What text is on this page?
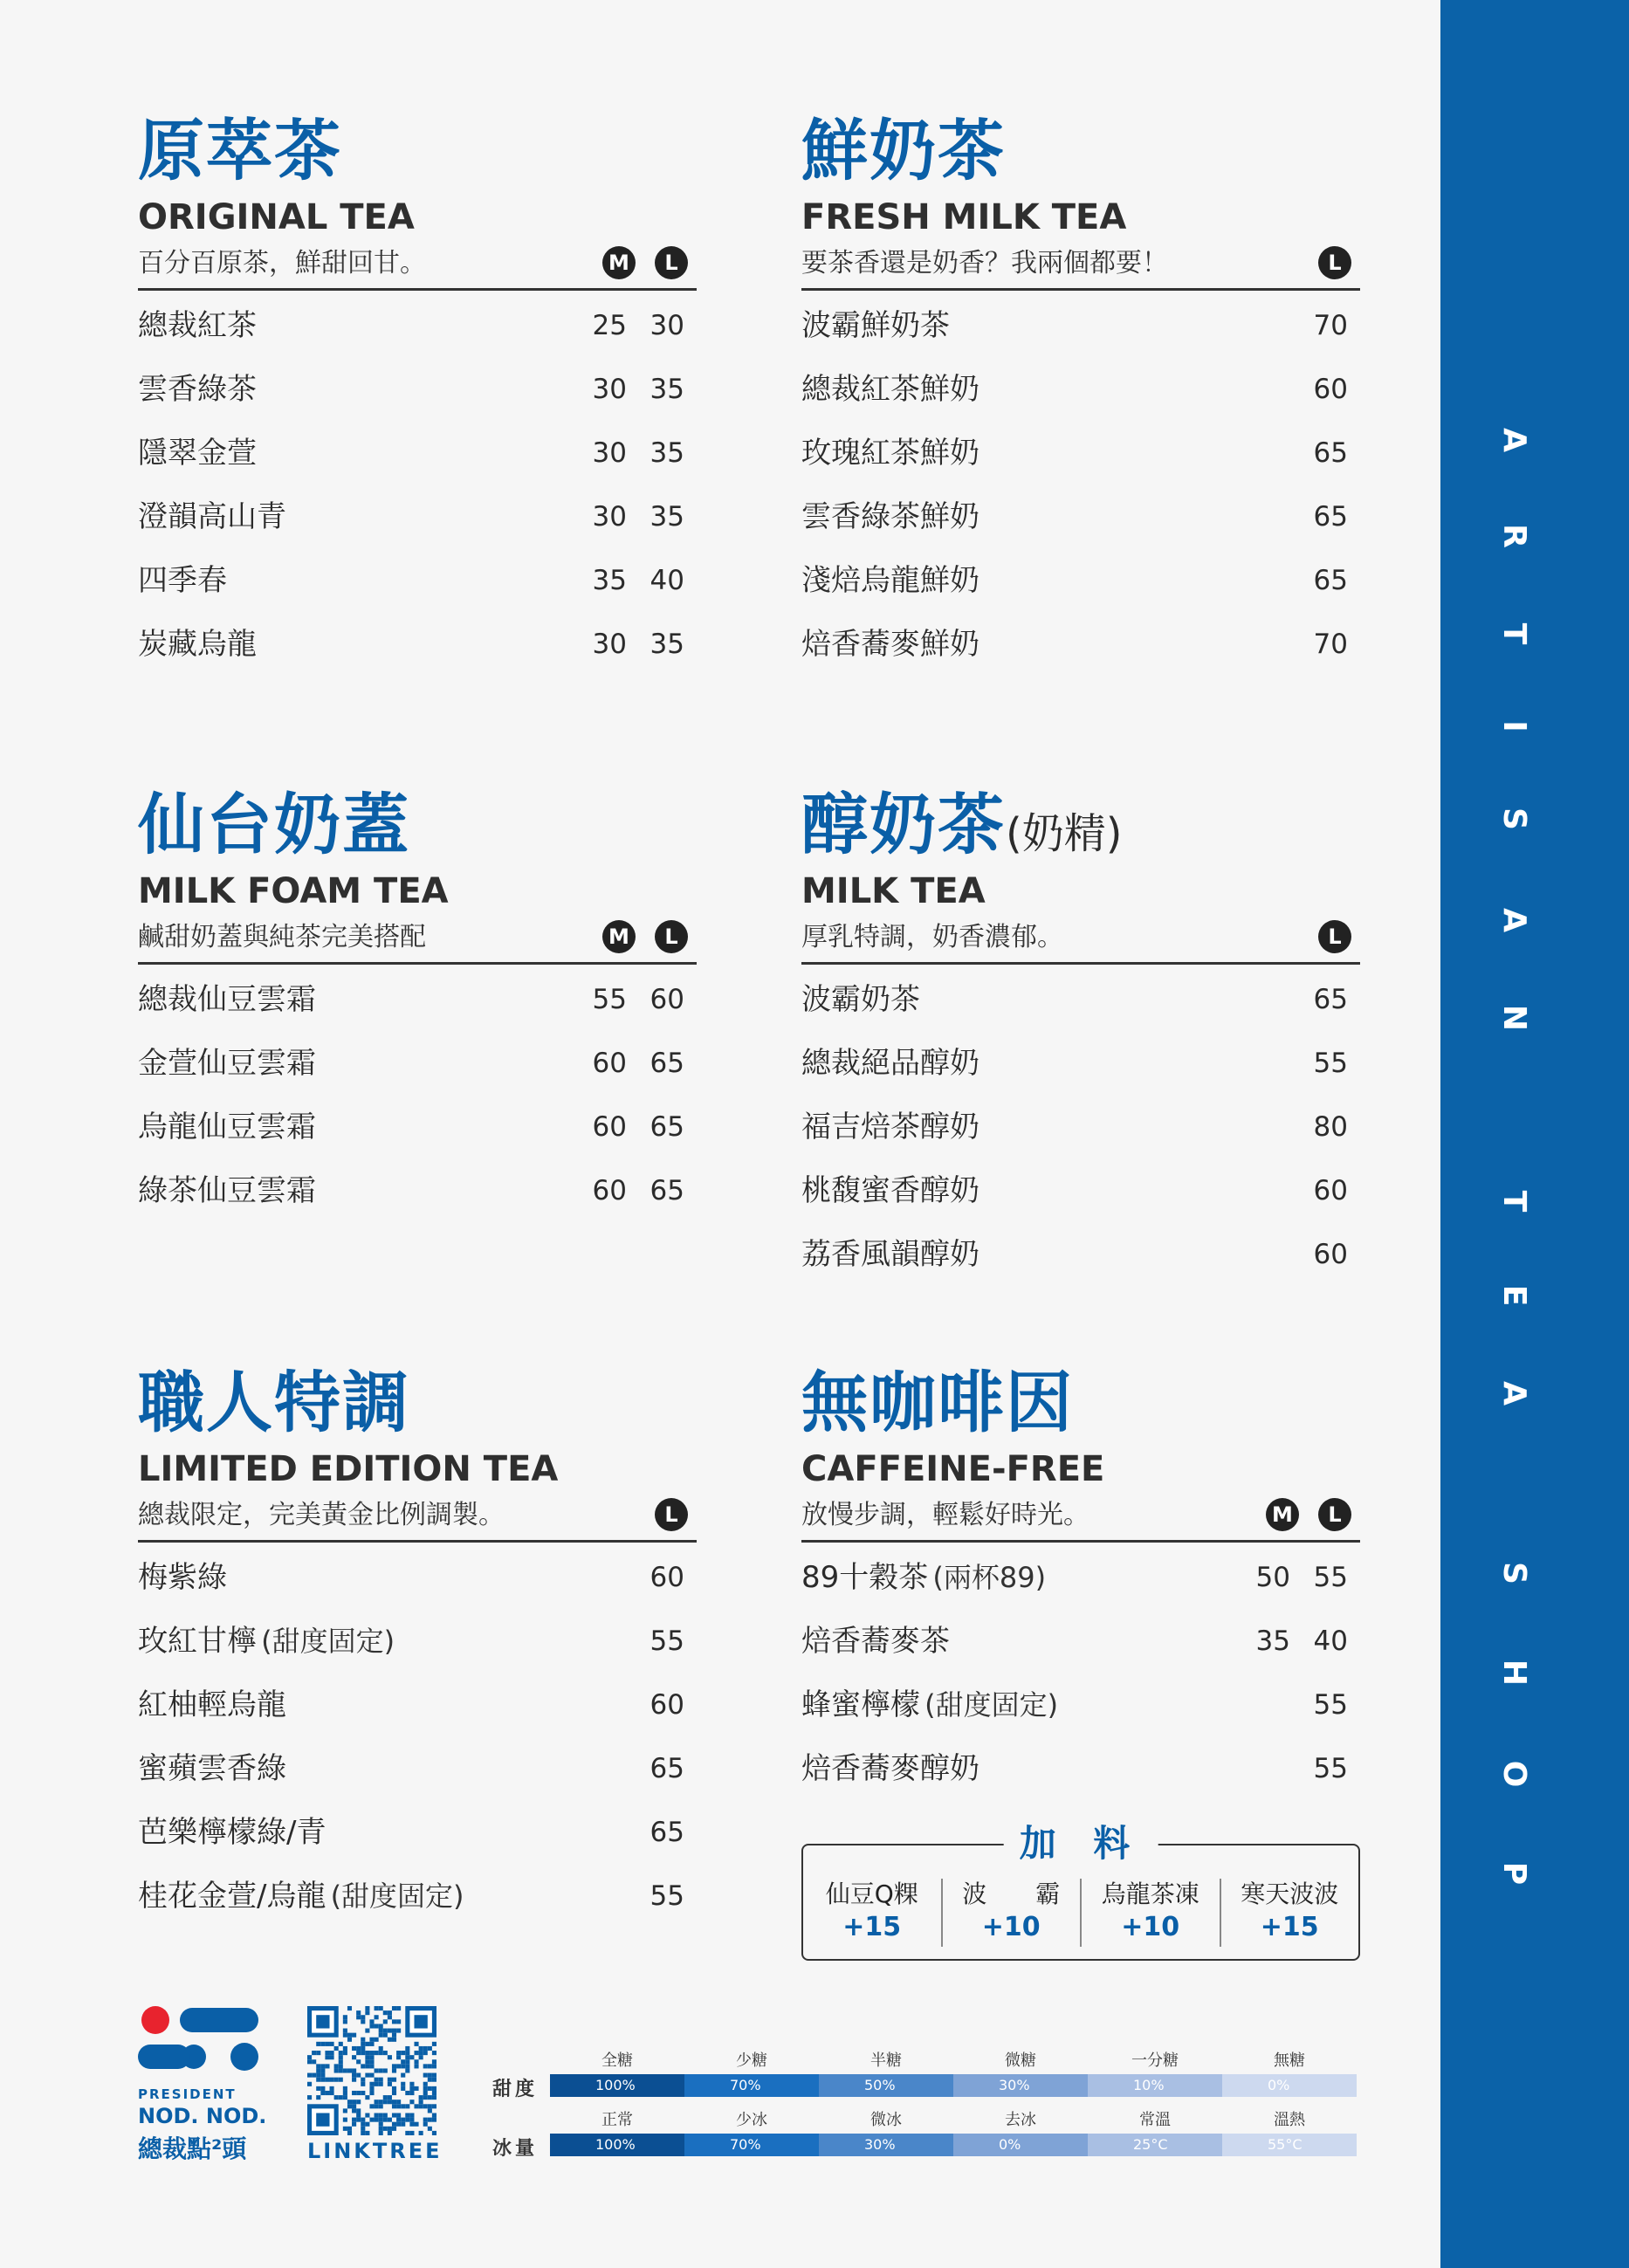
A
R
T
I
S
A
N
T
E
A
S
H
O
P
原萃茶
ORIGINAL TEA
百分百原茶，鮮甜回甘。	M	L
總裁紅茶	25 30
雲香綠茶	30 35
隱翠金萱	30 35
澄韻高山青	30 35
四季春	35 40
炭藏烏龍	30 35
鮮奶茶
FRESH MILK TEA
要茶香還是奶香？我兩個都要！	L
波霸鮮奶茶	70
總裁紅茶鮮奶	60
玫瑰紅茶鮮奶	65
雲香綠茶鮮奶	65
淺焙烏龍鮮奶	65
焙香蕎麥鮮奶	70
仙台奶蓋
MILK FOAM TEA
鹹甜奶蓋與純茶完美搭配	M	L
總裁仙豆雲霜	55 60
金萱仙豆雲霜	60 65
烏龍仙豆雲霜	60 65
綠茶仙豆雲霜	60 65
醇奶茶(奶精)
MILK TEA
厚乳特調，奶香濃郁。	L
波霸奶茶	65
總裁絕品醇奶	55
福吉焙茶醇奶	80
桃馥蜜香醇奶	60
荔香風韻醇奶	60
職人特調
LIMITED EDITION TEA
總裁限定，完美黃金比例調製。	L
梅紫綠	60
玫紅甘檸 (甜度固定)	55
紅柚輕烏龍	60
蜜蘋雲香綠	65
芭樂檸檬綠/青	65
桂花金萱/烏龍 (甜度固定)	55
無咖啡因
CAFFEINE-FREE
放慢步調，輕鬆好時光。	M	L
89十穀茶 (兩杯89)	50 55
焙香蕎麥茶	35 40
蜂蜜檸檬 (甜度固定)	55
焙香蕎麥醇奶	55
加 料
仙豆Q粿
+15
波　　霸
+10
烏龍茶凍
+10
寒天波波
+15
PRESIDENT
NOD. NOD.
總裁點²頭	LINKTREE
全糖	少糖	半糖	微糖	一分糖	無糖
甜度	100%	70%	50%	30%	10%	0%
正常	少冰	微冰	去冰	常溫	溫熱
冰量	100%	70%	30%	0%	25°C	55°C
